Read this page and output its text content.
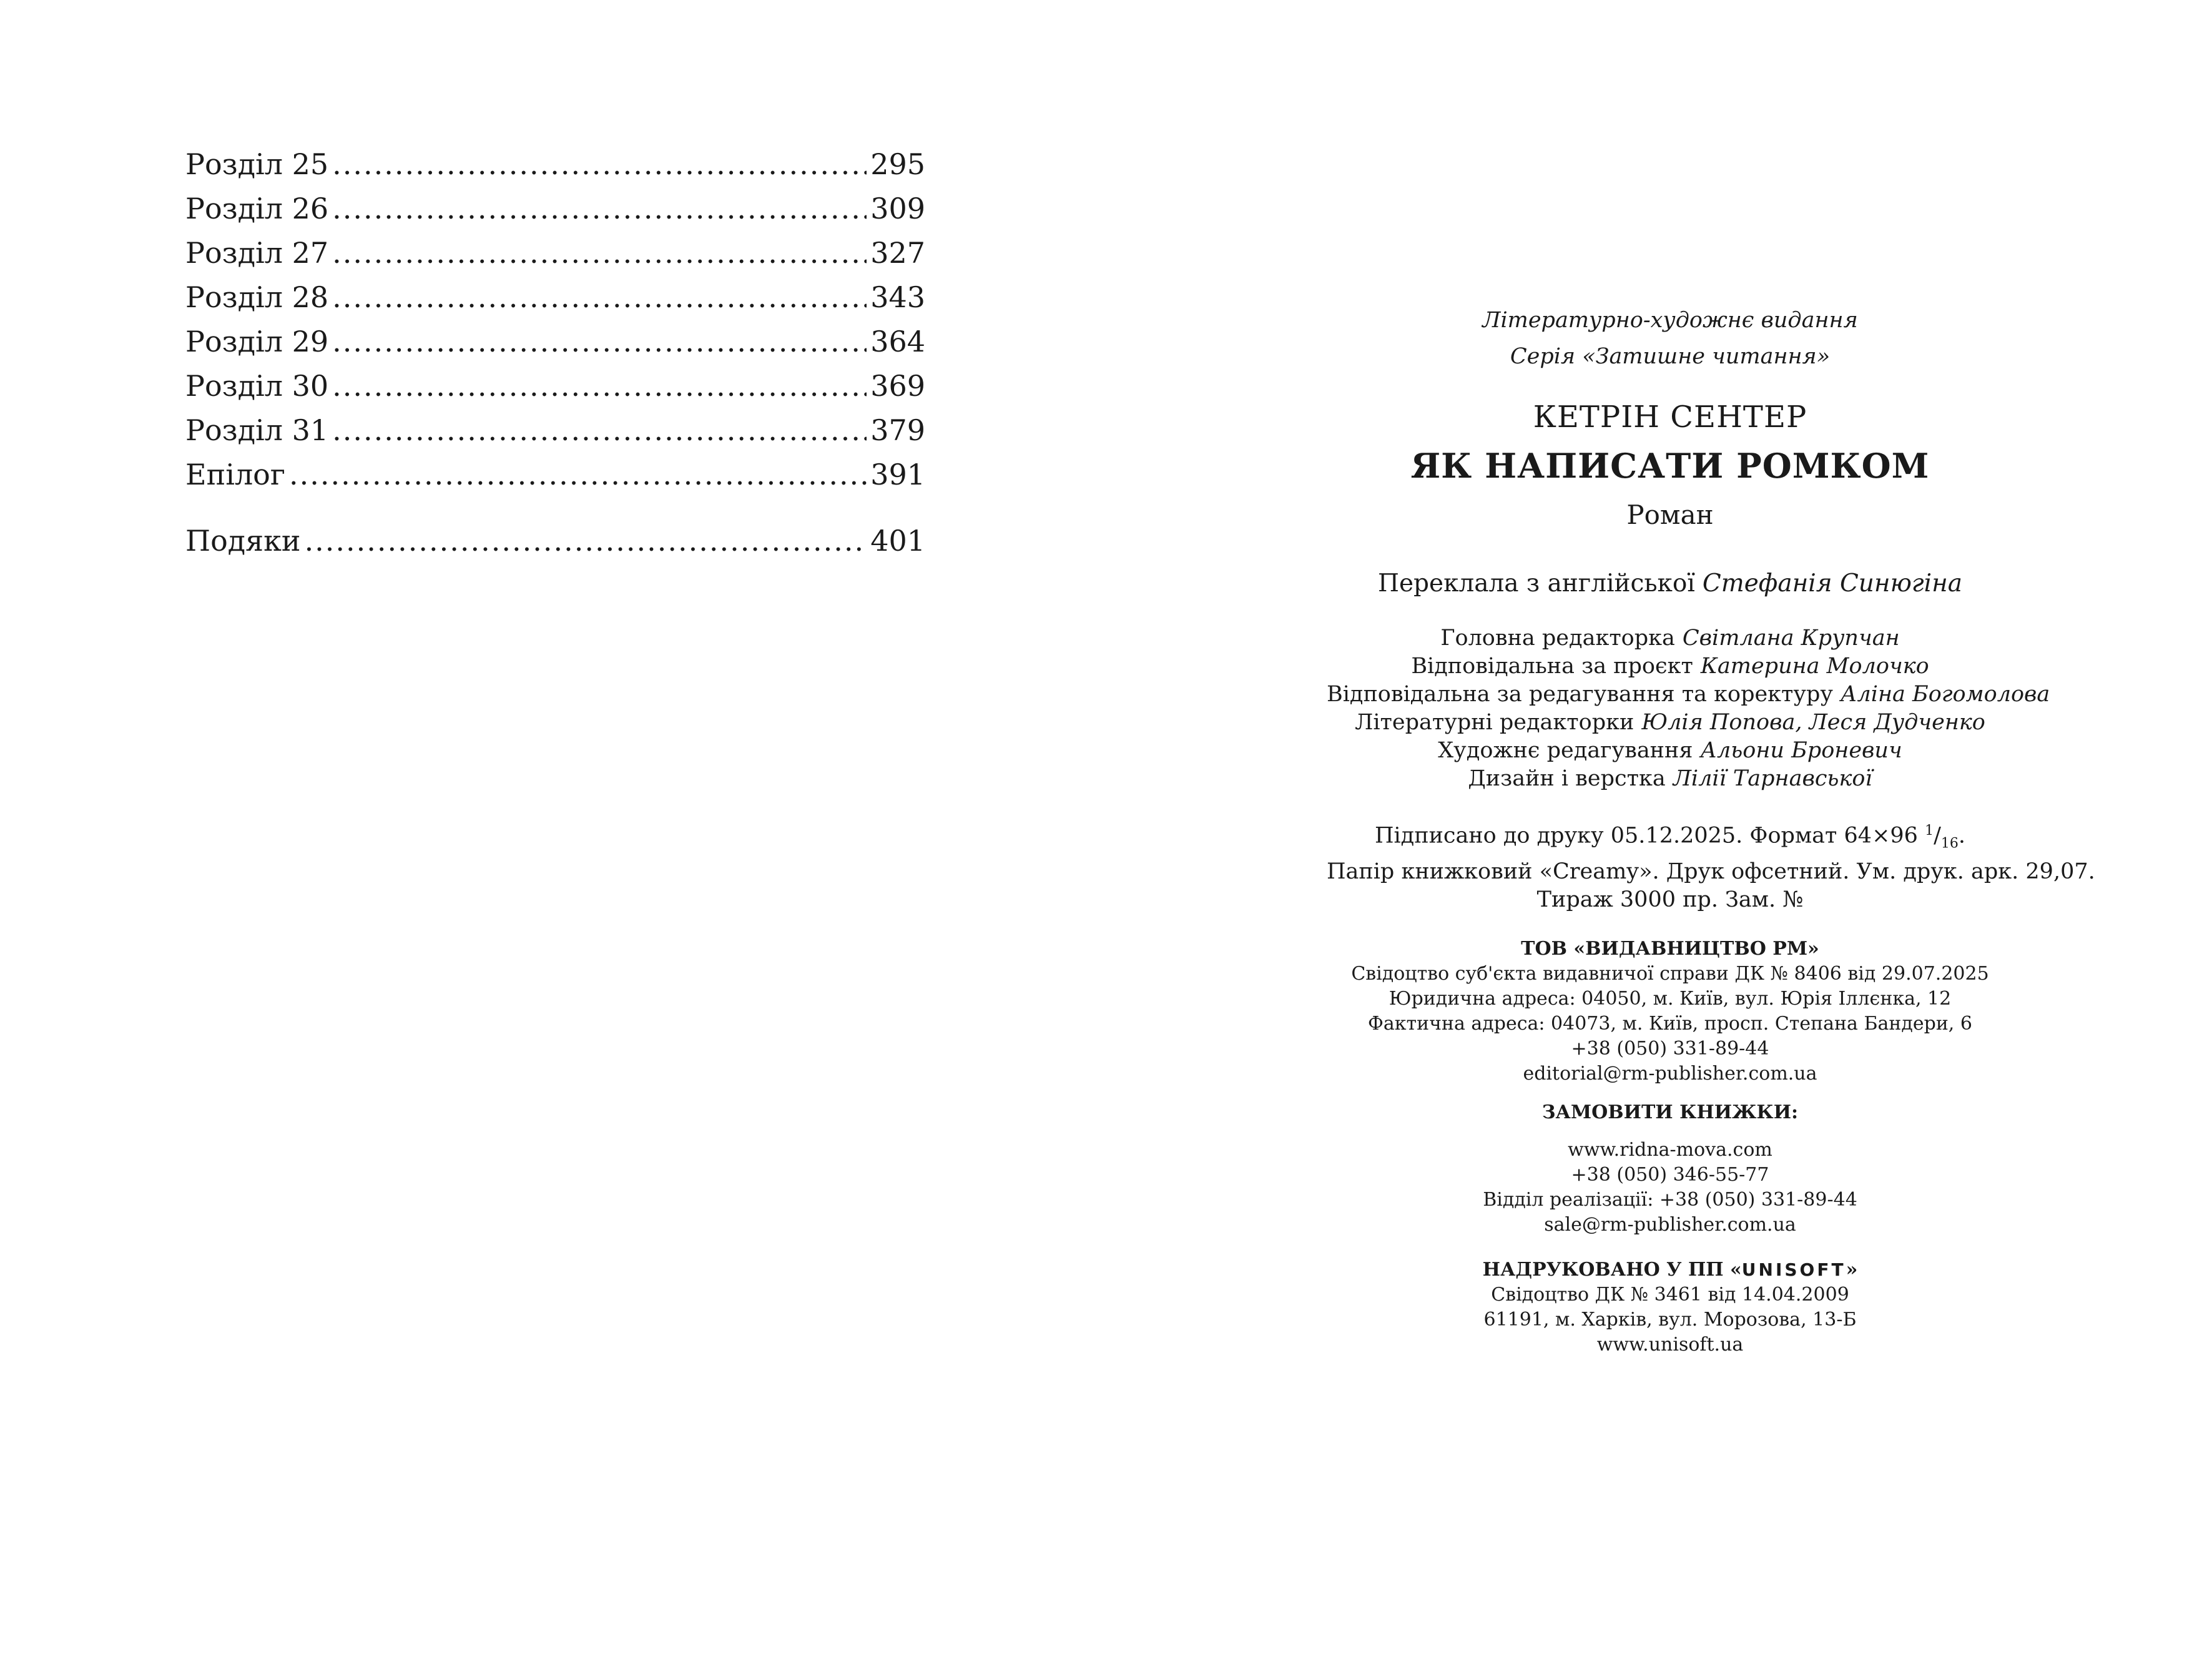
Розділ 25 .....	295
Розділ 26 .....	309
Розділ 27 .....	327
Розділ 28 .....	343
Розділ 29 .....	364
Розділ 30 .....	369
Розділ 31 .....	379
Епілог .....	391
Подяки .....	401
Літературно-художнє видання
Серія «Затишне читання»
КЕТРІН СЕНТЕР
ЯК НАПИСАТИ РОМКОМ
Роман
Переклала з англійської Стефанія Синюгіна
Головна редакторка Світлана Крупчан
Відповідальна за проєкт Катерина Молочко
Відповідальна за редагування та коректуру Аліна Богомолова
Літературні редакторки Юлія Попова, Леся Дудченко
Художнє редагування Альони Броневич
Дизайн і верстка Лілії Тарнавської
Підписано до друку 05.12.2025. Формат 64×96 $^1/_{16}$.
Папір книжковий «Creamy». Друк офсетний. Ум. друк. арк. 29,07.
Тираж 3000 пр. Зам. №
ТОВ «ВИДАВНИЦТВО РМ»
Свідоцтво суб'єкта видавничої справи ДК № 8406 від 29.07.2025
Юридична адреса: 04050, м. Київ, вул. Юрія Іллєнка, 12
Фактична адреса: 04073, м. Київ, просп. Степана Бандери, 6
+38 (050) 331-89-44
editorial@rm-publisher.com.ua
ЗАМОВИТИ КНИЖКИ:
www.ridna-mova.com
+38 (050) 346-55-77
Відділ реалізації: +38 (050) 331-89-44
sale@rm-publisher.com.ua
НАДРУКОВАНО У ПП «UNISOFT»
Свідоцтво ДК № 3461 від 14.04.2009
61191, м. Харків, вул. Морозова, 13-Б
www.unisoft.ua
